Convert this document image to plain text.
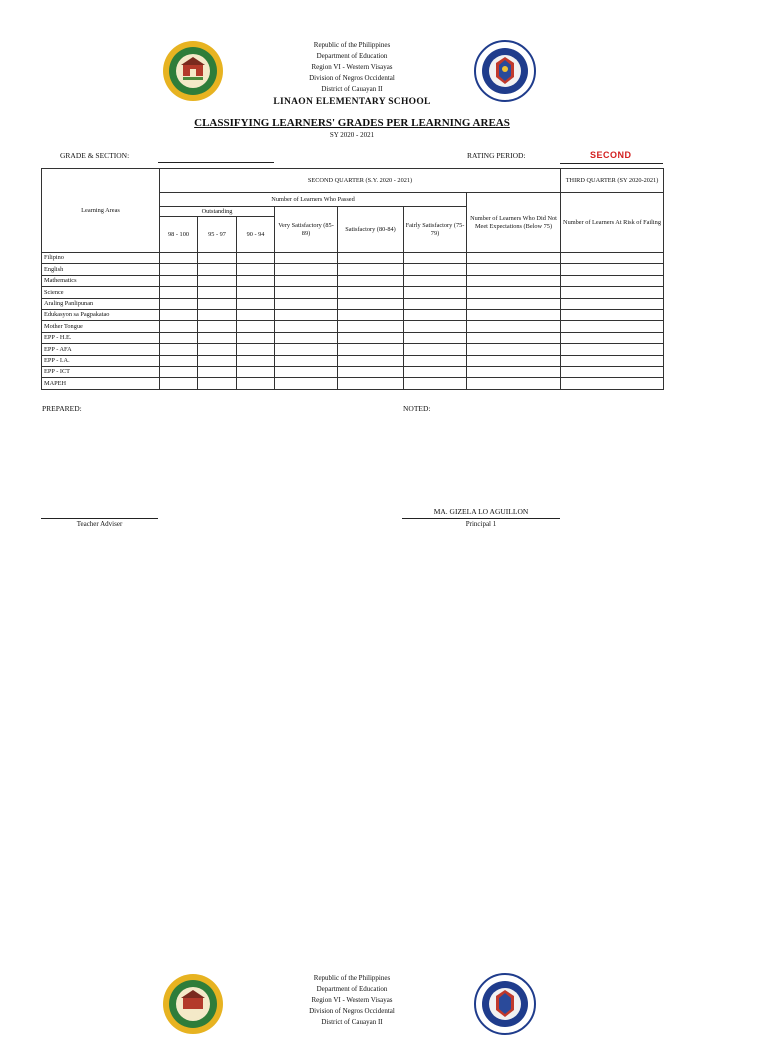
Republic of the Philippines
Department of Education
Region VI - Western Visayas
Division of Negros Occidental
District of Cauayan II
LINAON ELEMENTARY SCHOOL
CLASSIFYING LEARNERS' GRADES PER LEARNING AREAS
SY 2020 - 2021
GRADE & SECTION:	RATING PERIOD:	SECOND
Learning Areas	SECOND QUARTER (S.Y. 2020 - 2021)							THIRD QUARTER (SY 2020-2021)
	Number of Learners Who Passed						Number of Learners Who Did Not Meet Expectations (Below 75)	Number of Learners At Risk of Failing
	Outstanding			Very Satisfactory (85-89)	Satisfactory (80-84)	Fairly Satisfactory (75-79)		
	98 - 100	95 - 97	90 - 94					
Filipino								
English								
Mathematics								
Science								
Araling Panlipunan								
Edukasyon sa Pagpakatao								
Mother Tongue								
EPP - H.E.								
EPP - AFA								
EPP - I.A.								
EPP - ICT								
MAPEH								
PREPARED:	NOTED:
Teacher Adviser
MA. GIZELA LO AGUILLON
Principal 1
Republic of the Philippines
Department of Education
Region VI - Western Visayas
Division of Negros Occidental
District of Cauayan II
